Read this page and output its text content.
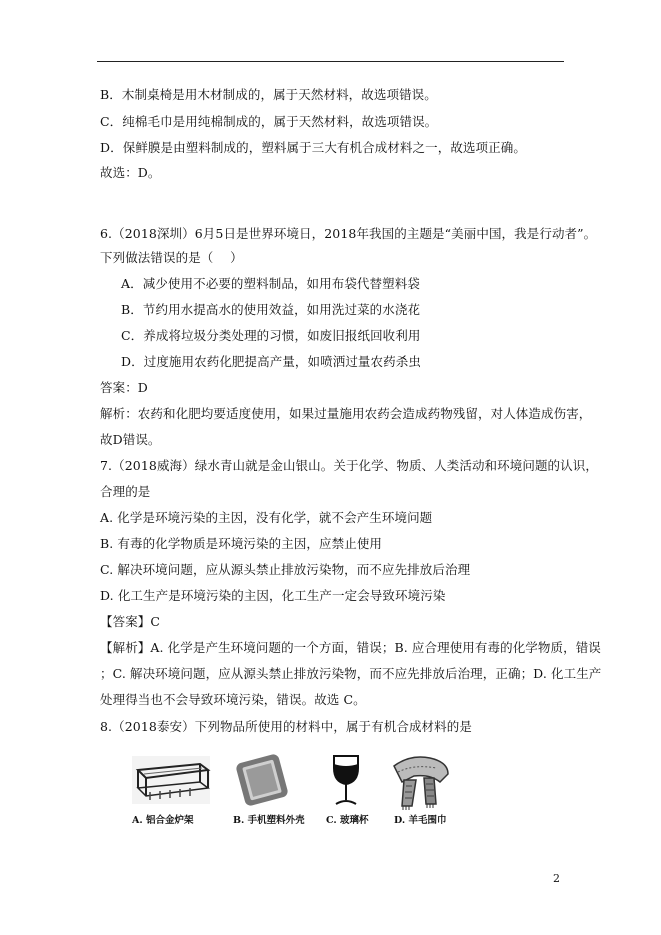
B．木制桌椅是用木材制成的，属于天然材料，故选项错误。
C．纯棉毛巾是用纯棉制成的，属于天然材料，故选项错误。
D．保鲜膜是由塑料制成的，塑料属于三大有机合成材料之一，故选项正确。
故选：D。
6.（2018深圳）6月5日是世界环境日，2018年我国的主题是“美丽中国，我是行动者”。
下列做法错误的是（　 ）
A．减少使用不必要的塑料制品，如用布袋代替塑料袋
B．节约用水提高水的使用效益，如用洗过菜的水浇花
C．养成将垃圾分类处理的习惯，如废旧报纸回收利用
D．过度施用农药化肥提高产量，如喷洒过量农药杀虫
答案：D
解析：农药和化肥均要适度使用，如果过量施用农药会造成药物残留，对人体造成伤害，
故D错误。
7.（2018威海）绿水青山就是金山银山。关于化学、物质、人类活动和环境问题的认识，
合理的是
A. 化学是环境污染的主因，没有化学，就不会产生环境问题
B. 有毒的化学物质是环境污染的主因，应禁止使用
C. 解决环境问题，应从源头禁止排放污染物，而不应先排放后治理
D. 化工生产是环境污染的主因，化工生产一定会导致环境污染
【答案】C
【解析】A. 化学是产生环境问题的一个方面，错误；B. 应合理使用有毒的化学物质，错误
；C. 解决环境问题，应从源头禁止排放污染物，而不应先排放后治理，正确；D. 化工生产
处理得当也不会导致环境污染，错误。故选 C。
8.（2018泰安）下列物品所使用的材料中，属于有机合成材料的是
A. 铝合金炉架	B. 手机塑料外壳 C. 玻璃杯	D. 羊毛围巾
2
